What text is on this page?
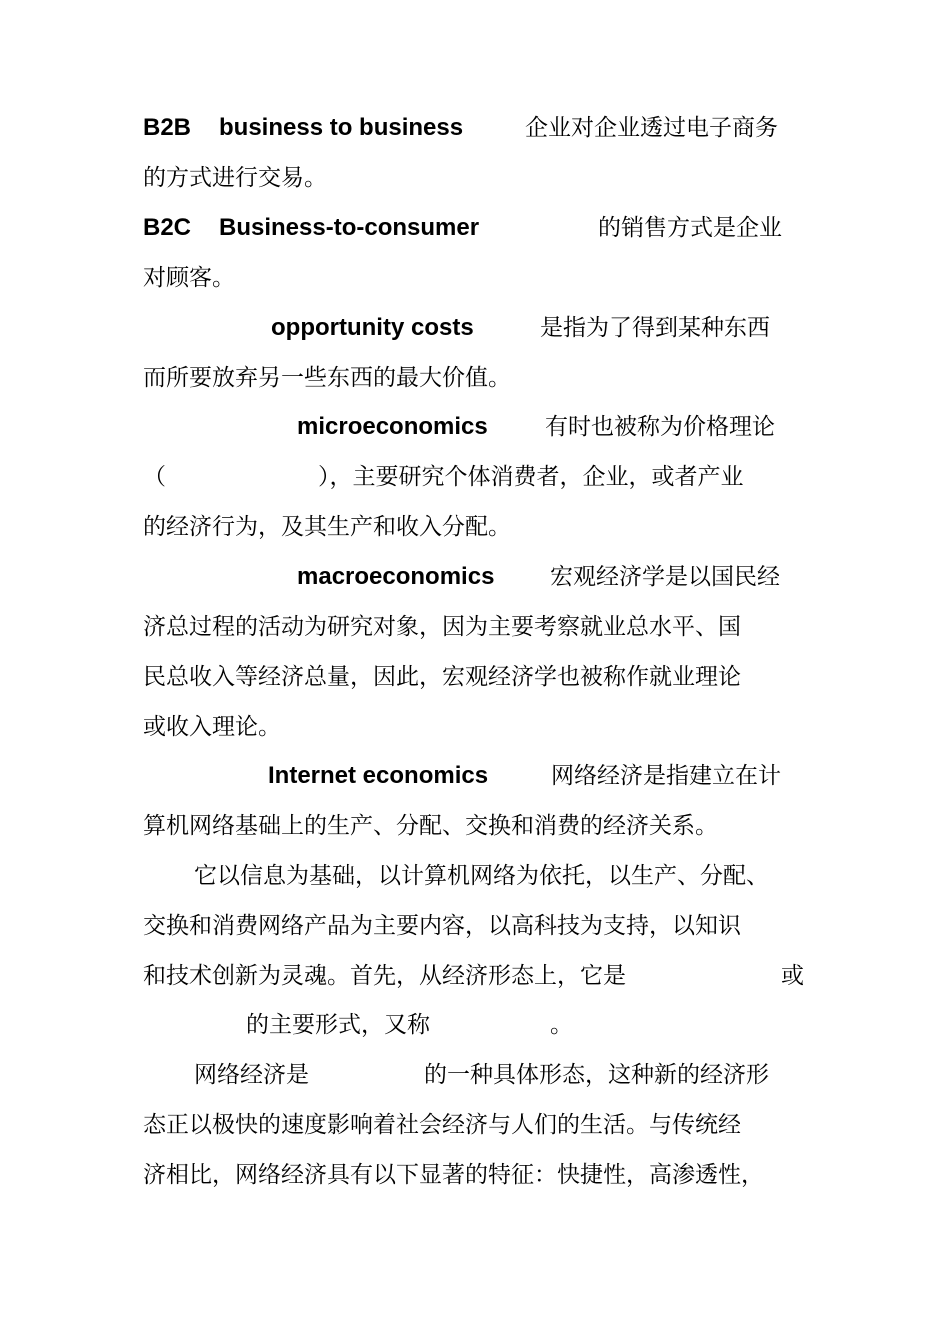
B2B

business to business

	企业对企业透过电子商务

的方式进行交易。

B2C

Business-to-consumer

	的销售方式是企业

对顾客。

opportunity costs

	是指为了得到某种东西

而所要放弃另一些东西的最大价值。

microeconomics

有时也被称为价格理论

（

	），主要研究个体消费者，企业，或者产业

的经济行为，及其生产和收入分配。

macroeconomics

宏观经济学是以国民经

济总过程的活动为研究对象，因为主要考察就业总水平、国

民总收入等经济总量，因此，宏观经济学也被称作就业理论

或收入理论。

Internet economics

	网络经济是指建立在计

算机网络基础上的生产、分配、交换和消费的经济关系。

它以信息为基础，以计算机网络为依托，以生产、分配、

交换和消费网络产品为主要内容，以高科技为支持，以知识

和技术创新为灵魂。首先，从经济形态上，它是

	或

的主要形式，又称

	。

网络经济是

	的一种具体形态，这种新的经济形

态正以极快的速度影响着社会经济与人们的生活。与传统经

济相比，网络经济具有以下显著的特征：快捷性，高渗透性，
